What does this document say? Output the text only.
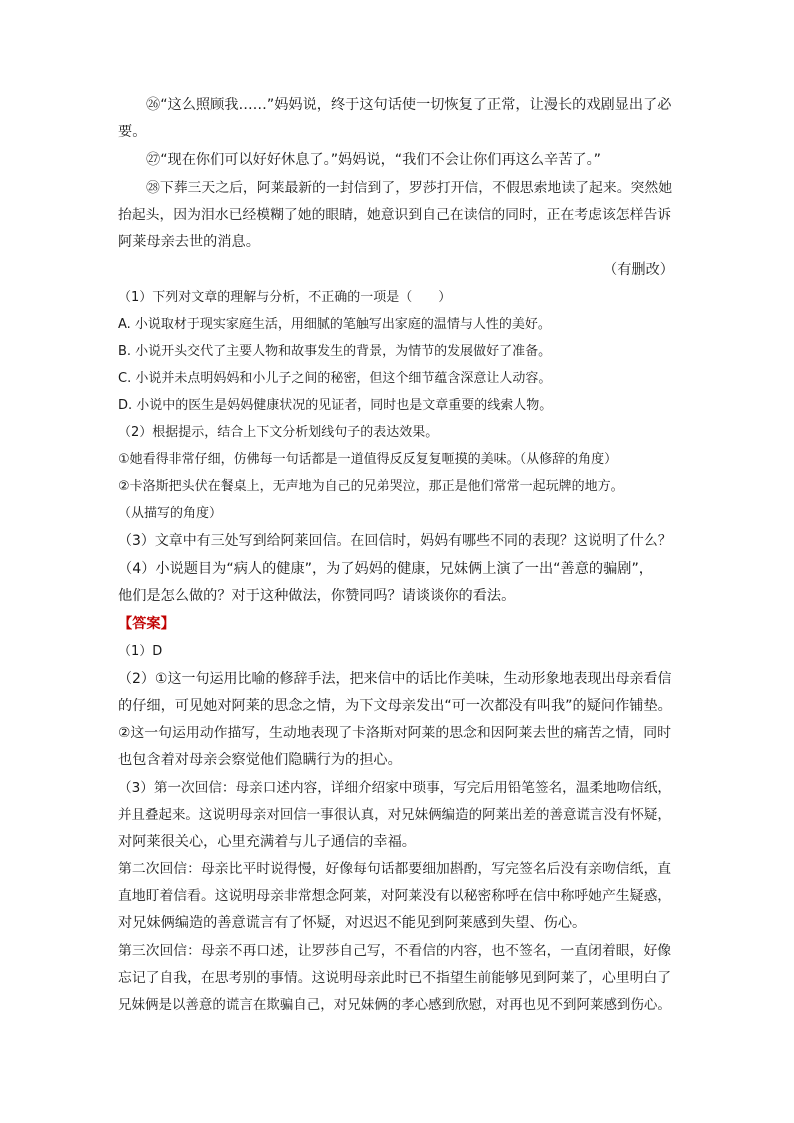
㉖“这么照顾我……”妈妈说，终于这句话使一切恢复了正常，让漫长的戏剧显出了必

要。

㉗“现在你们可以好好休息了。”妈妈说，“我们不会让你们再这么辛苦了。”

㉘下葬三天之后，阿莱最新的一封信到了，罗莎打开信，不假思索地读了起来。突然她

抬起头，因为泪水已经模糊了她的眼睛，她意识到自己在读信的同时，正在考虑该怎样告诉

阿莱母亲去世的消息。

（有删改）

（1）下列对文章的理解与分析，不正确的一项是（　　）

A. 小说取材于现实家庭生活，用细腻的笔触写出家庭的温情与人性的美好。

B. 小说开头交代了主要人物和故事发生的背景，为情节的发展做好了准备。

C. 小说并未点明妈妈和小儿子之间的秘密，但这个细节蕴含深意让人动容。

D. 小说中的医生是妈妈健康状况的见证者，同时也是文章重要的线索人物。

（2）根据提示，结合上下文分析划线句子的表达效果。

①她看得非常仔细，仿佛每一句话都是一道值得反反复复咂摸的美味。（从修辞的角度）

②卡洛斯把头伏在餐桌上，无声地为自己的兄弟哭泣，那正是他们常常一起玩牌的地方。

（从描写的角度）

（3）文章中有三处写到给阿莱回信。在回信时，妈妈有哪些不同的表现？这说明了什么？

（4）小说题目为“病人的健康”，为了妈妈的健康，兄妹俩上演了一出“善意的骗剧”，

他们是怎么做的？对于这种做法，你赞同吗？请谈谈你的看法。

【答案】

（1）D

（2）①这一句运用比喻的修辞手法，把来信中的话比作美味，生动形象地表现出母亲看信

的仔细，可见她对阿莱的思念之情，为下文母亲发出“可一次都没有叫我”的疑问作铺垫。

②这一句运用动作描写，生动地表现了卡洛斯对阿莱的思念和因阿莱去世的痛苦之情，同时

也包含着对母亲会察觉他们隐瞒行为的担心。

（3）第一次回信：母亲口述内容，详细介绍家中琐事，写完后用铅笔签名，温柔地吻信纸，

并且叠起来。这说明母亲对回信一事很认真，对兄妹俩编造的阿莱出差的善意谎言没有怀疑，

对阿莱很关心，心里充满着与儿子通信的幸福。

第二次回信：母亲比平时说得慢，好像每句话都要细加斟酌，写完签名后没有亲吻信纸，直

直地盯着信看。这说明母亲非常想念阿莱，对阿莱没有以秘密称呼在信中称呼她产生疑惑，

对兄妹俩编造的善意谎言有了怀疑，对迟迟不能见到阿莱感到失望、伤心。

第三次回信：母亲不再口述，让罗莎自己写，不看信的内容，也不签名，一直闭着眼，好像

忘记了自我，在思考别的事情。这说明母亲此时已不指望生前能够见到阿莱了，心里明白了

兄妹俩是以善意的谎言在欺骗自己，对兄妹俩的孝心感到欣慰，对再也见不到阿莱感到伤心。
